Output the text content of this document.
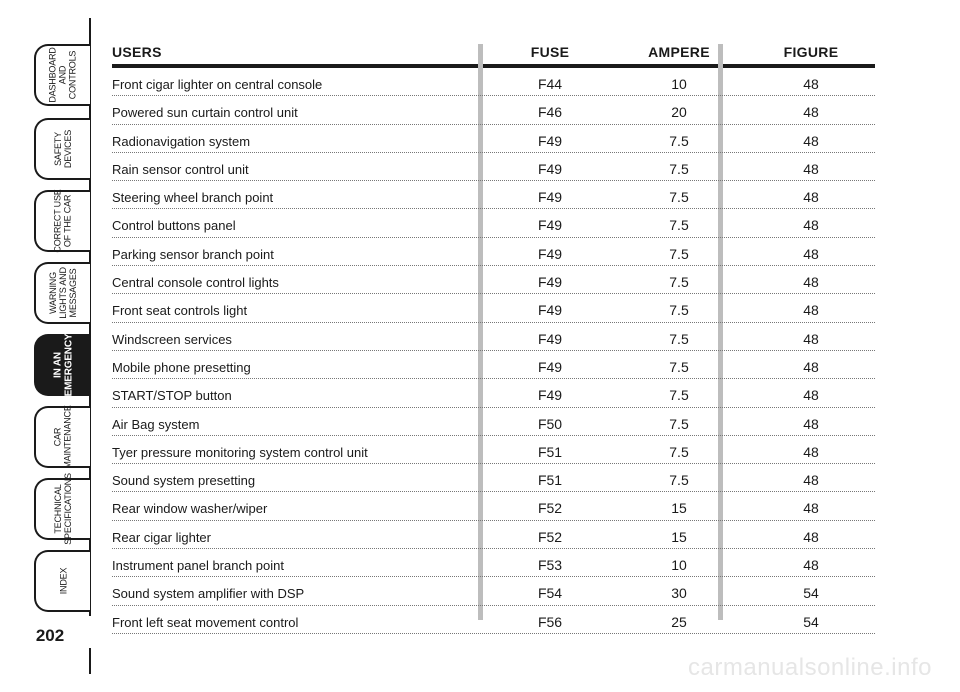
DASHBOARD
AND
CONTROLS
SAFETY
DEVICES
CORRECT USE
OF THE CAR
WARNING
LIGHTS AND
MESSAGES
IN AN
EMERGENCY
CAR
MAINTENANCE
TECHNICAL
SPECIFICATIONS
INDEX
202
USERS	FUSE	AMPERE	FIGURE
Front cigar lighter on central console	F44	10	48
Powered sun curtain control unit	F46	20	48
Radionavigation system	F49	7.5	48
Rain sensor control unit	F49	7.5	48
Steering wheel branch point	F49	7.5	48
Control buttons panel	F49	7.5	48
Parking sensor branch point	F49	7.5	48
Central console control lights	F49	7.5	48
Front seat controls light	F49	7.5	48
Windscreen services	F49	7.5	48
Mobile phone presetting	F49	7.5	48
START/STOP button	F49	7.5	48
Air Bag system	F50	7.5	48
Tyer pressure monitoring system control unit	F51	7.5	48
Sound system presetting	F51	7.5	48
Rear window washer/wiper	F52	15	48
Rear cigar lighter	F52	15	48
Instrument panel branch point	F53	10	48
Sound system amplifier with DSP	F54	30	54
Front left seat movement control	F56	25	54
carmanualsonline.info
